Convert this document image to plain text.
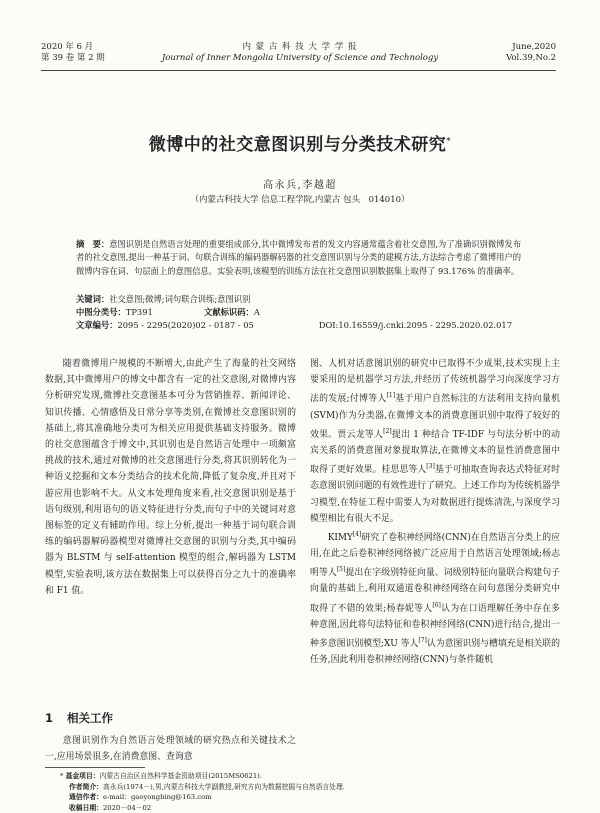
2020 年 6 月
第 39 卷 第 2 期
内 蒙 古 科 技 大 学 学 报
Journal of Inner Mongolia University of Science and Technology
June,2020
Vol.39,No.2
微博中的社交意图识别与分类技术研究*
高永兵,李越超
（内蒙古科技大学 信息工程学院,内蒙古 包头　014010）
摘　要：意图识别是自然语言处理的重要组成部分,其中微博发布者的发文内容通常蕴含着社交意图,为了准确识别微博发布者的社交意图,提出一种基于词、句联合训练的编码器解码器的社交意图识别与分类的建模方法,方法综合考虑了微博用户的微博内容在词、句层面上的意图信息。实验表明,该模型的训练方法在社交意图识别数据集上取得了 93.176% 的准确率。
关键词：社交意图;微博;词句联合训练;意图识别
中图分类号：TP391	文献标识码：A
文章编号：2095 - 2295(2020)02 - 0187 - 05	DOI:10.16559/j.cnki.2095 - 2295.2020.02.017

随着微博用户规模的不断增大,由此产生了海量的社交网络数据,其中微博用户的博文中都含有一定的社交意图,对微博内容分析研究发现,微博社交意图基本可分为营销推荐、新闻评论、知识传播、心情感悟及日常分享等类别,在微博社交意图识别的基础上,将其准确地分类可为相关应用提供基础支持服务。微博的社交意图蕴含于博文中,其识别也是自然语言处理中一项颇富挑战的技术,通过对微博的社交意图进行分类,将其识别转化为一种语义挖掘和文本分类结合的技术化简,降低了复杂度,并且对下游应用也影响不大。从文本处理角度来看,社交意图识别是基于语句级别,利用语句的语义特征进行分类,而句子中的关键词对意图标签的定义有辅助作用。综上分析,提出一种基于词句联合训练的编码器解码器模型对微博社交意图的识别与分类,其中编码器为 BLSTM 与 self-attention 模型的组合,解码器为 LSTM 模型,实验表明,该方法在数据集上可以获得百分之九十的准确率和 F1 值。

1 相关工作

意图识别作为自然语言处理领域的研究热点和关键技术之一,应用场景很多,在消费意图、查询意

图、人机对话意图识别的研究中已取得不少成果,技术实现上主要采用的是机器学习方法,并经历了传统机器学习向深度学习方法的发展;付博等人[1]基于用户自然标注的方法利用支持向量机(SVM)作为分类器,在微博文本的消费意图识别中取得了较好的效果。贾云龙等人[2]提出 1 种结合 TF-IDF 与句法分析中的动宾关系的消费意图对象提取算法,在微博文本的显性消费意图中取得了更好效果。桂思思等人[3]基于可抽取查询表达式特征对时态意图识别问题的有效性进行了研究。上述工作均为传统机器学习模型,在特征工程中需要人为对数据进行提炼清洗,与深度学习模型相比有很大不足。

KIMY[4]研究了卷积神经网络(CNN)在自然语言分类上的应用,在此之后卷积神经网络被广泛应用于自然语言处理领域;杨志明等人[5]提出在字级别特征向量、词级别特征向量联合构建句子向量的基础上,利用双通道卷积神经网络在问句意图分类研究中取得了不错的效果;杨春妮等人[6]认为在口语理解任务中存在多种意图,因此将句法特征和卷积神经网络(CNN)进行结合,提出一种多意图识别模型;XU 等人[7]认为意图识别与槽填充是相关联的任务,因此利用卷积神经网络(CNN)与条件随机

* 基金项目：内蒙古自治区自然科学基金资助项目(2015MS0621).
作者简介：高永兵(1974－),男,内蒙古科技大学副教授,研究方向为数据挖掘与自然语言处理.
通信作者：e-mail：gaoyongbing@163.com
收稿日期：2020－04－02
